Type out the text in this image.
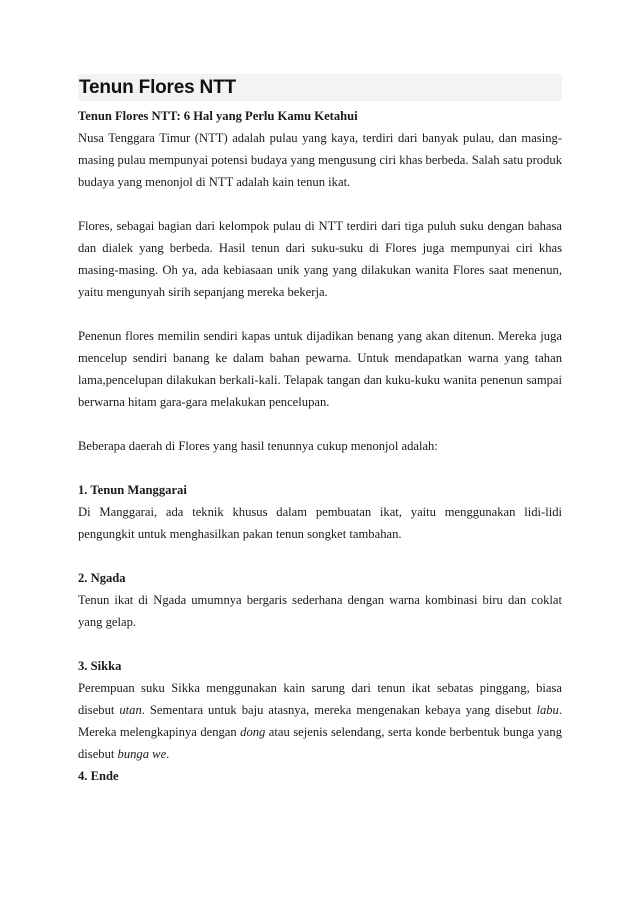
Tenun Flores NTT
Tenun Flores NTT: 6 Hal yang Perlu Kamu Ketahui

Nusa Tenggara Timur (NTT) adalah pulau yang kaya, terdiri dari banyak pulau, dan masing-masing pulau mempunyai potensi budaya yang mengusung ciri khas berbeda. Salah satu produk budaya yang menonjol di NTT adalah kain tenun ikat.

Flores, sebagai bagian dari kelompok pulau di NTT terdiri dari tiga puluh suku dengan bahasa dan dialek yang berbeda. Hasil tenun dari suku-suku di Flores juga mempunyai ciri khas masing-masing. Oh ya, ada kebiasaan unik yang yang dilakukan wanita Flores saat menenun, yaitu mengunyah sirih sepanjang mereka bekerja.

Penenun flores memilin sendiri kapas untuk dijadikan benang yang akan ditenun. Mereka juga mencelup sendiri banang ke dalam bahan pewarna. Untuk mendapatkan warna yang tahan lama,pencelupan dilakukan berkali-kali. Telapak tangan dan kuku-kuku wanita penenun sampai berwarna hitam gara-gara melakukan pencelupan.

Beberapa daerah di Flores yang hasil tenunnya cukup menonjol adalah:

1. Tenun Manggarai

Di Manggarai, ada teknik khusus dalam pembuatan ikat, yaitu menggunakan lidi-lidi pengungkit untuk menghasilkan pakan tenun songket tambahan.

2. Ngada

Tenun ikat di Ngada umumnya bergaris sederhana dengan warna kombinasi biru dan coklat yang gelap.

3. Sikka

Perempuan suku Sikka menggunakan kain sarung dari tenun ikat sebatas pinggang, biasa disebut utan. Sementara untuk baju atasnya, mereka mengenakan kebaya yang disebut labu. Mereka melengkapinya dengan dong atau sejenis selendang, serta konde berbentuk bunga yang disebut bunga we.

4. Ende
